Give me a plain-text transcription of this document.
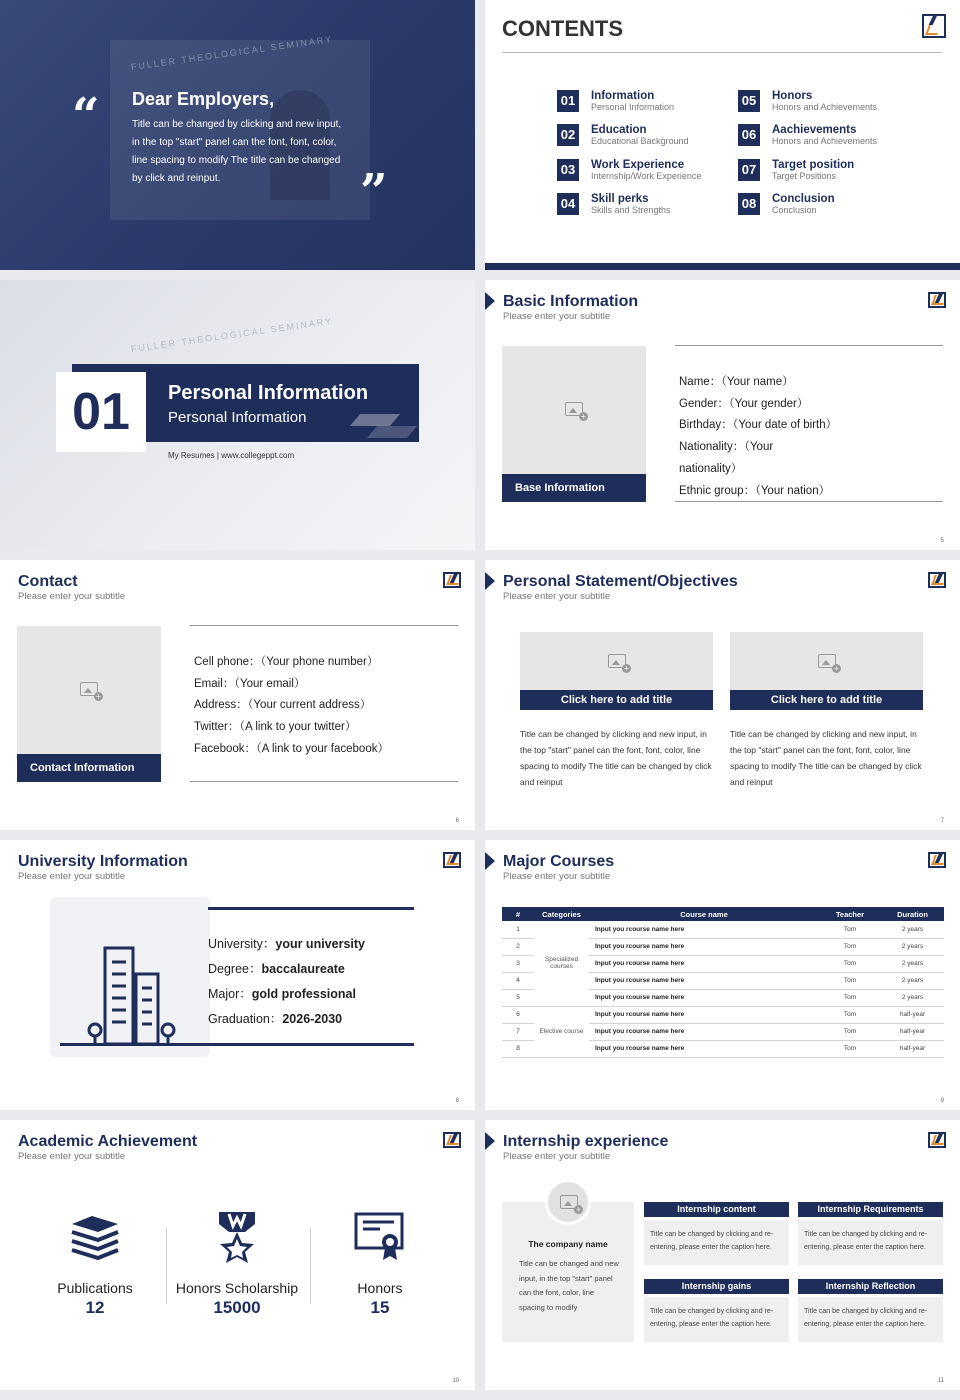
FULLER THEOLOGICAL SEMINARY
“ Dear Employers,
Title can be changed by clicking and new input, in the top "start" panel can the font, font, color, line spacing to modify The title can be changed by click and reinput.	”
CONTENTS
01	Information
Personal Information
02	Education
Educational Background
03	Work Experience
Internship/Work Experience
04	Skill perks
Skills and Strengths
05	Honors
Honors and Achievements
06	Aachievements
Honors and Achievements
07	Target position
Target Positions
08	Conclusion
Conclusion
FULLER THEOLOGICAL SEMINARY
01	Personal Information
Personal Information
My Resumes | www.collegeppt.com
Basic Information
Please enter your subtitle
+
Base Information
Name：（Your name）
Gender：（Your gender）
Birthday：（Your date of birth）
Nationality：（Your
nationality）
Ethnic group：（Your nation）
5
Contact
Please enter your subtitle
+
Contact Information
Cell phone：（Your phone number）
Email：（Your email）
Address：（Your current address）
Twitter：（A link to your twitter）
Facebook：（A link to your facebook）
6
Personal Statement/Objectives
Please enter your subtitle
+
Click here to add title
Title can be changed by clicking and new input, in the top "start" panel can the font, font, color, line spacing to modify The title can be changed by click and reinput
+
Click here to add title
Title can be changed by clicking and new input, in the top "start" panel can the font, font, color, line spacing to modify The title can be changed by click and reinput
7
University Information
Please enter your subtitle
University：your university
Degree：baccalaureate
Major：gold professional
Graduation：2026-2030
8
Major Courses
Please enter your subtitle
#	Categories	Course name	Teacher	Duration
1	Specialized courses	Input you rcourse name here	Tom	2 years
2		Input you rcourse name here	Tom	2 years
3		Input you rcourse name here	Tom	2 years
4		Input you rcourse name here	Tom	2 years
5		Input you rcourse name here	Tom	2 years
6	Elective course	Input you rcourse name here	Tom	half-year
7		Input you rcourse name here	Tom	half-year
8		Input you rcourse name here	Tom	half-year
9
Academic Achievement
Please enter your subtitle
Publications
12
Honors Scholarship
15000
Honors
15
10
Internship experience
Please enter your subtitle
+
The company name
Title can be changed and new input, in the top "start" panel can the font, color, line spacing to modify
Internship content
Title can be changed by clicking and re-entering, please enter the caption here.
Internship Requirements
Title can be changed by clicking and re-entering, please enter the caption here.
Internship gains
Title can be changed by clicking and re-entering, please enter the caption here.
Internship Reflection
Title can be changed by clicking and re-entering, please enter the caption here.
11
